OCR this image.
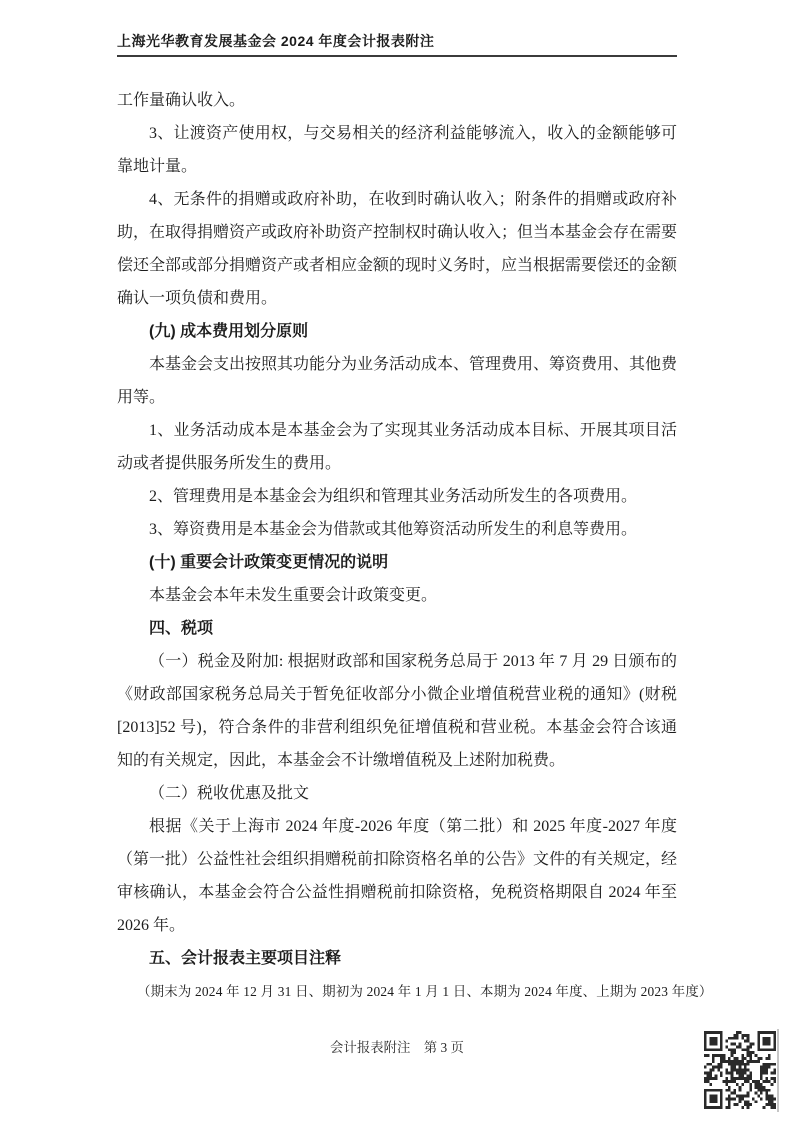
上海光华教育发展基金会 2024 年度会计报表附注

工作量确认收入。

3、让渡资产使用权，与交易相关的经济利益能够流入，收入的金额能够可靠地计量。

4、无条件的捐赠或政府补助，在收到时确认收入；附条件的捐赠或政府补助，在取得捐赠资产或政府补助资产控制权时确认收入；但当本基金会存在需要偿还全部或部分捐赠资产或者相应金额的现时义务时，应当根据需要偿还的金额确认一项负债和费用。

(九) 成本费用划分原则

本基金会支出按照其功能分为业务活动成本、管理费用、筹资费用、其他费用等。

1、业务活动成本是本基金会为了实现其业务活动成本目标、开展其项目活动或者提供服务所发生的费用。

2、管理费用是本基金会为组织和管理其业务活动所发生的各项费用。

3、筹资费用是本基金会为借款或其他筹资活动所发生的利息等费用。

(十) 重要会计政策变更情况的说明

本基金会本年未发生重要会计政策变更。

四、税项

（一）税金及附加: 根据财政部和国家税务总局于 2013 年 7 月 29 日颁布的《财政部国家税务总局关于暂免征收部分小微企业增值税营业税的通知》(财税[2013]52 号)，符合条件的非营利组织免征增值税和营业税。本基金会符合该通知的有关规定，因此，本基金会不计缴增值税及上述附加税费。

（二）税收优惠及批文

根据《关于上海市 2024 年度-2026 年度（第二批）和 2025 年度-2027 年度（第一批）公益性社会组织捐赠税前扣除资格名单的公告》文件的有关规定，经审核确认，本基金会符合公益性捐赠税前扣除资格，免税资格期限自 2024 年至 2026 年。

五、会计报表主要项目注释

（期末为 2024 年 12 月 31 日、期初为 2024 年 1 月 1 日、本期为 2024 年度、上期为 2023 年度）

会计报表附注　第 3 页
